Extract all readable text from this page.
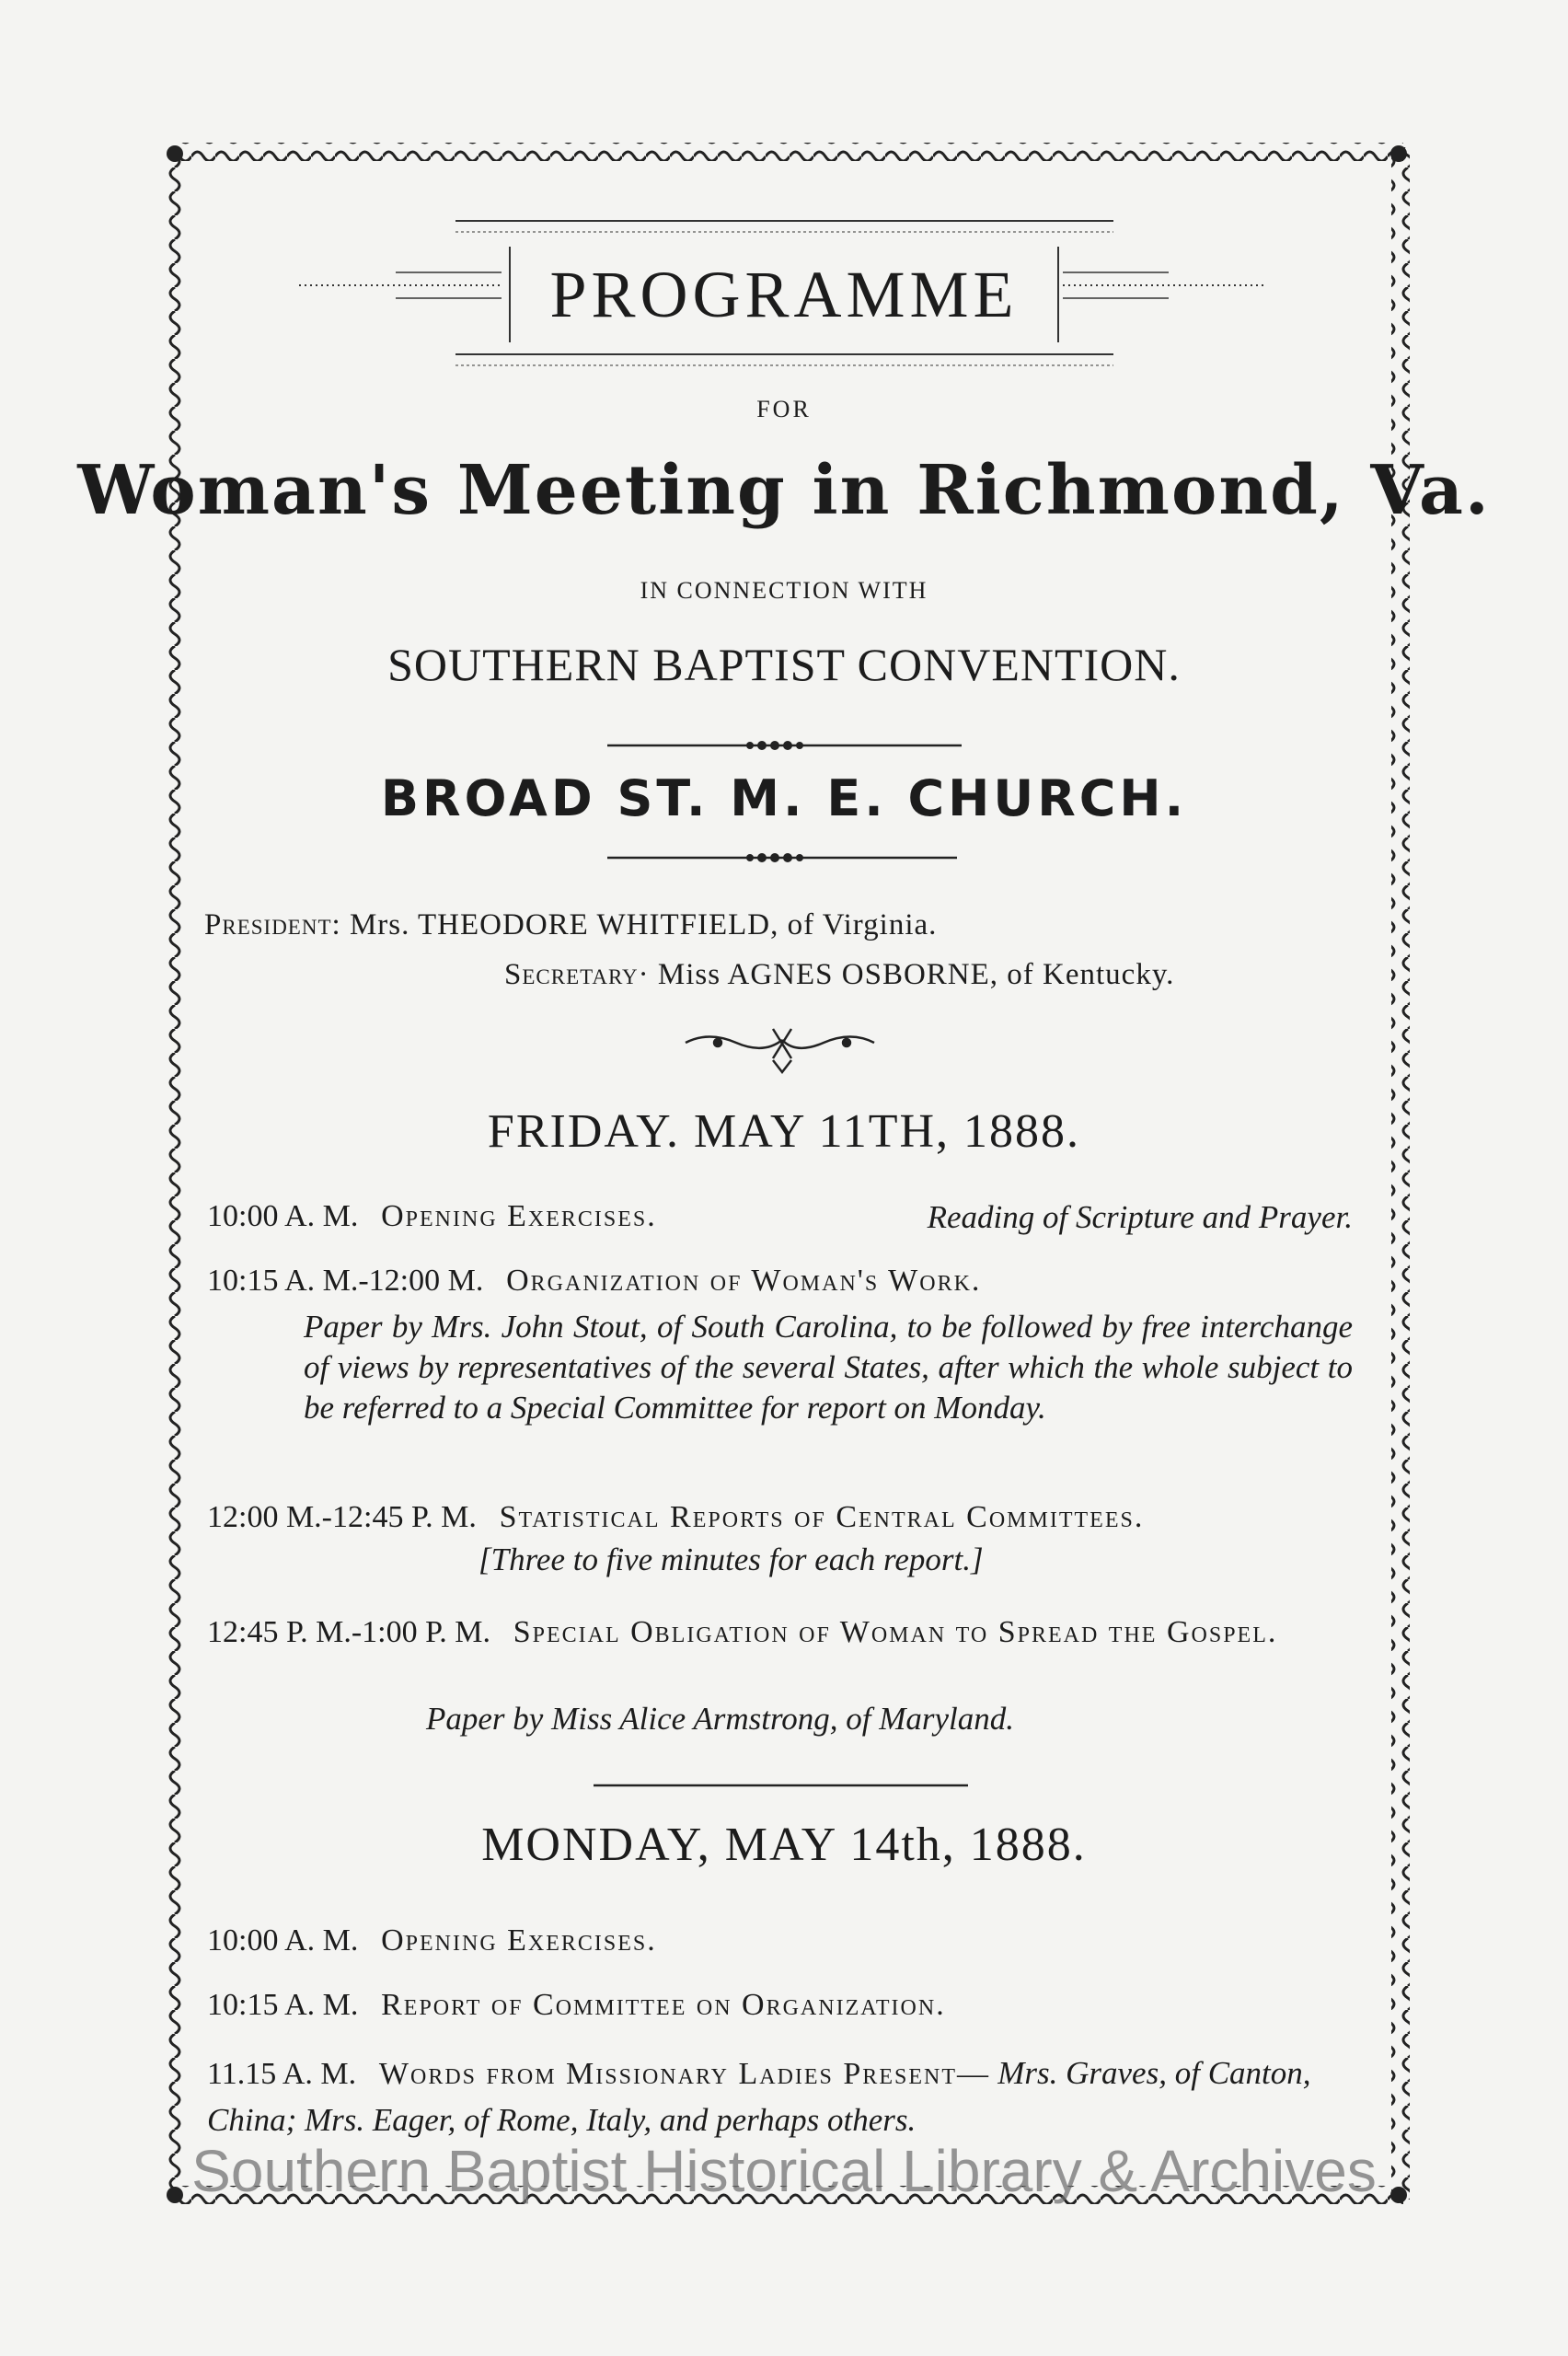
PROGRAMME
FOR
Woman's Meeting in Richmond, Va.
IN CONNECTION WITH
SOUTHERN BAPTIST CONVENTION.
BROAD ST. M. E. CHURCH.
President: Mrs. THEODORE WHITFIELD, of Virginia.
Secretary· Miss AGNES OSBORNE, of Kentucky.
FRIDAY. MAY 11TH, 1888.
10:00 A. M. Opening Exercises.	Reading of Scripture and Prayer.
10:15 A. M.-12:00 M. Organization of Woman's Work.
Paper by Mrs. John Stout, of South Carolina, to be followed by free interchange of views by representatives of the several States, after which the whole subject to be referred to a Special Committee for report on Monday.
12:00 M.-12:45 P. M. Statistical Reports of Central Committees.
[Three to five minutes for each report.]
12:45 P. M.-1:00 P. M. Special Obligation of Woman to Spread the Gospel.
Paper by Miss Alice Armstrong, of Maryland.
MONDAY, MAY 14th, 1888.
10:00 A. M. Opening Exercises.
10:15 A. M. Report of Committee on Organization.
11.15 A. M. Words from Missionary Ladies Present— Mrs. Graves, of Canton, China; Mrs. Eager, of Rome, Italy, and perhaps others.
Southern Baptist Historical Library & Archives
